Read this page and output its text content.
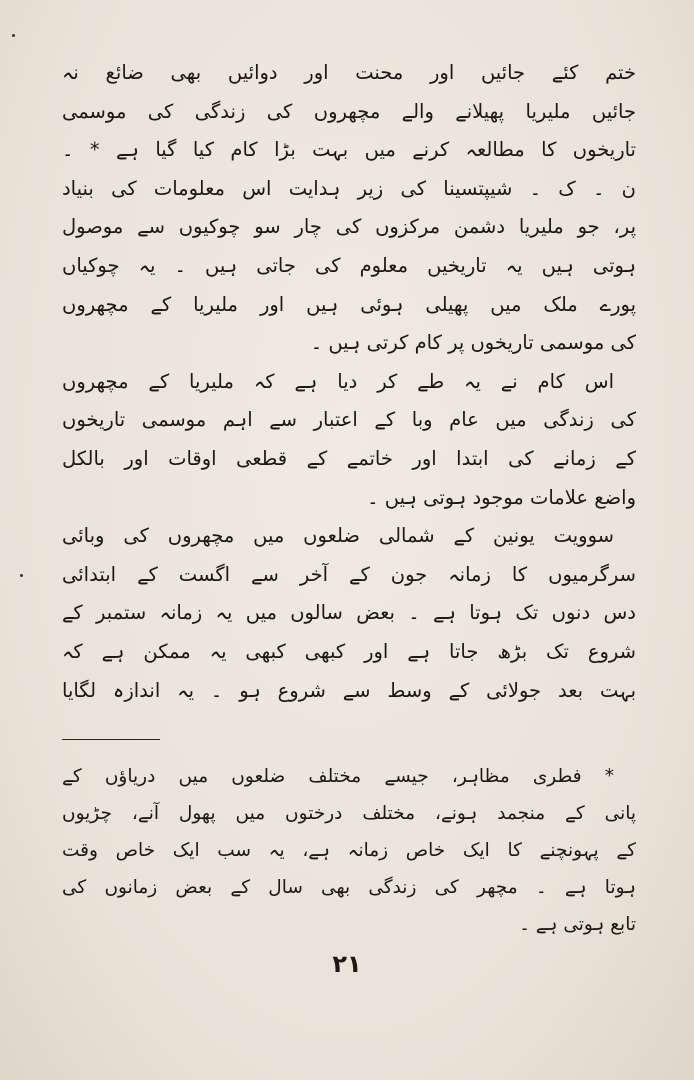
ختم کئے جائیں اور محنت اور دوائیں بھی ضائع نہ
جائیں ملیریا پھیلانے والے مچھروں کی زندگی کی موسمی
تاریخوں کا مطالعہ کرنے میں بہت بڑا کام کیا گیا ہے * ۔
ن ۔ ک ۔ شیپتسینا کی زیر ہدایت اس معلومات کی بنیاد
پر، جو ملیریا دشمن مرکزوں کی چار سو چوکیوں سے موصول
ہوتی ہیں یہ تاریخیں معلوم کی جاتی ہیں ۔ یہ چوکیاں
پورے ملک میں پھیلی ہوئی ہیں اور ملیریا کے مچھروں
کی موسمی تاریخوں پر کام کرتی ہیں ۔
اس کام نے یہ طے کر دیا ہے کہ ملیریا کے مچھروں
کی زندگی میں عام وبا کے اعتبار سے اہم موسمی تاریخوں
کے زمانے کی ابتدا اور خاتمے کے قطعی اوقات اور بالکل
واضع علامات موجود ہوتی ہیں ۔
سوویت یونین کے شمالی ضلعوں میں مچھروں کی وبائی
سرگرمیوں کا زمانہ جون کے آخر سے اگست کے ابتدائی
دس دنوں تک ہوتا ہے ۔ بعض سالوں میں یہ زمانہ ستمبر کے
شروع تک بڑھ جاتا ہے اور کبھی کبھی یہ ممکن ہے کہ
بہت بعد جولائی کے وسط سے شروع ہو ۔ یہ اندازہ لگایا
* فطری مظاہر، جیسے مختلف ضلعوں میں دریاؤں کے
پانی کے منجمد ہونے، مختلف درختوں میں پھول آنے، چڑیوں
کے پہونچنے کا ایک خاص زمانہ ہے، یہ سب ایک خاص وقت
ہوتا ہے ۔ مچھر کی زندگی بھی سال کے بعض زمانوں کی
تابع ہوتی ہے ۔
۲۱
